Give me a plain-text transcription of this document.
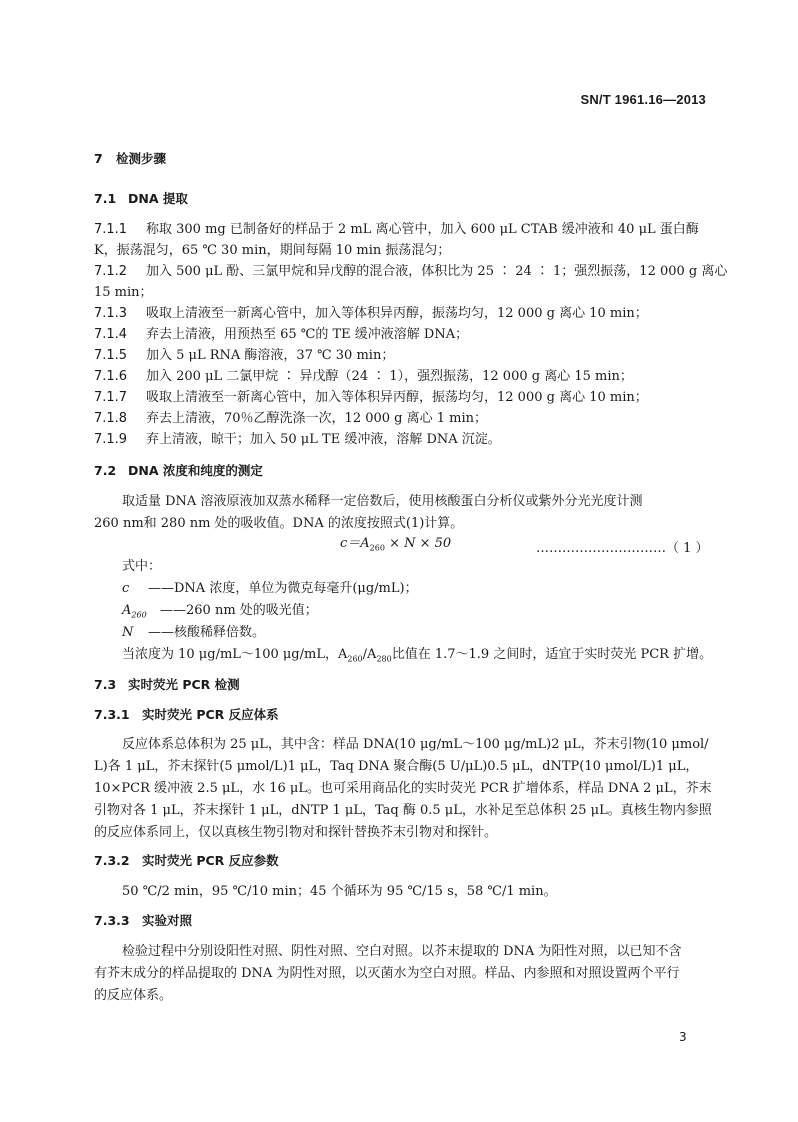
SN/T 1961.16—2013
7 检测步骤
7.1 DNA 提取
7.1.1 称取 300 mg 已制备好的样品于 2 mL 离心管中，加入 600 μL CTAB 缓冲液和 40 μL 蛋白酶
K，振荡混匀，65 ℃ 30 min，期间每隔 10 min 振荡混匀；
7.1.2 加入 500 μL 酚、三氯甲烷和异戊醇的混合液，体积比为 25 ∶ 24 ∶ 1；强烈振荡，12 000 g 离心
15 min；
7.1.3 吸取上清液至一新离心管中，加入等体积异丙醇，振荡均匀，12 000 g 离心 10 min；
7.1.4 弃去上清液，用预热至 65 ℃的 TE 缓冲液溶解 DNA；
7.1.5 加入 5 μL RNA 酶溶液，37 ℃ 30 min；
7.1.6 加入 200 μL 二氯甲烷 ∶ 异戊醇（24 ∶ 1），强烈振荡，12 000 g 离心 15 min；
7.1.7 吸取上清液至一新离心管中，加入等体积异丙醇，振荡均匀，12 000 g 离心 10 min；
7.1.8 弃去上清液，70％乙醇洗涤一次，12 000 g 离心 1 min；
7.1.9 弃上清液，晾干；加入 50 μL TE 缓冲液，溶解 DNA 沉淀。
7.2 DNA 浓度和纯度的测定
取适量 DNA 溶液原液加双蒸水稀释一定倍数后，使用核酸蛋白分析仪或紫外分光光度计测
260 nm和 280 nm 处的吸收值。DNA 的浓度按照式(1)计算。
$c=A_{260} \times N \times 50$	…………………………（ 1 ）
式中：
c ——DNA 浓度，单位为微克每毫升(μg/mL)；
$A_{260}$ ——260 nm 处的吸光值；
N ——核酸稀释倍数。
当浓度为 10 μg/mL～100 μg/mL，$A_{260}/A_{280}$比值在 1.7～1.9 之间时，适宜于实时荧光 PCR 扩增。
7.3 实时荧光 PCR 检测
7.3.1 实时荧光 PCR 反应体系
反应体系总体积为 25 μL，其中含：样品 DNA(10 μg/mL～100 μg/mL)2 μL，芥末引物(10 μmol/
L)各 1 μL，芥末探针(5 μmol/L)1 μL，Taq DNA 聚合酶(5 U/μL)0.5 μL，dNTP(10 μmol/L)1 μL，
10×PCR 缓冲液 2.5 μL，水 16 μL。也可采用商品化的实时荧光 PCR 扩增体系，样品 DNA 2 μL，芥末
引物对各 1 μL，芥末探针 1 μL，dNTP 1 μL，Taq 酶 0.5 μL，水补足至总体积 25 μL。真核生物内参照
的反应体系同上，仅以真核生物引物对和探针替换芥末引物对和探针。
7.3.2 实时荧光 PCR 反应参数
50 ℃/2 min，95 ℃/10 min；45 个循环为 95 ℃/15 s，58 ℃/1 min。
7.3.3 实验对照
检验过程中分别设阳性对照、阴性对照、空白对照。以芥末提取的 DNA 为阳性对照，以已知不含
有芥末成分的样品提取的 DNA 为阴性对照，以灭菌水为空白对照。样品、内参照和对照设置两个平行
的反应体系。
3
